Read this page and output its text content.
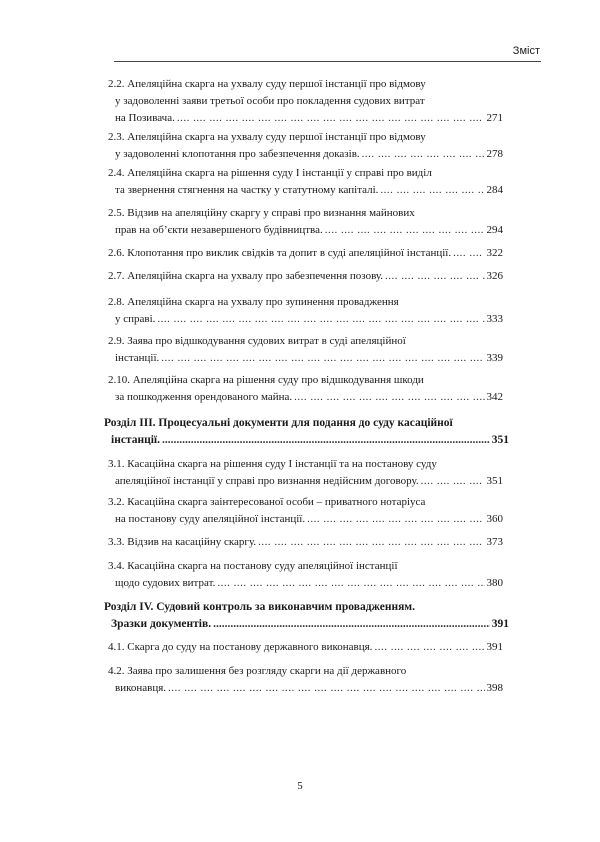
Зміст
2.2. Апеляційна скарга на ухвалу суду першої інстанції про відмову
у задоволенні заяви третьої особи про покладення судових витрат
на Позивача. ....	271
2.3. Апеляційна скарга на ухвалу суду першої інстанції про відмову
у задоволенні клопотання про забезпечення доказів. ....	278
2.4. Апеляційна скарга на рішення суду I інстанції у справі про виділ
та звернення стягнення на частку у статутному капіталі. ....	284
2.5. Відзив на апеляційну скаргу у справі про визнання майнових
прав на об’єкти незавершеного будівництва. ....	294
2.6. Клопотання про виклик свідків та допит в суді апеляційної інстанції. ....	322
2.7. Апеляційна скарга на ухвалу про забезпечення позову. ....	326
2.8. Апеляційна скарга на ухвалу про зупинення провадження
у справі. ....	333
2.9. Заява про відшкодування судових витрат в суді апеляційної
інстанції. ....	339
2.10. Апеляційна скарга на рішення суду про відшкодування шкоди
за пошкодження орендованого майна. ....	342
Розділ ІІІ. Процесуальні документи для подання до суду касаційної
інстанції. .....	351
3.1. Касаційна скарга на рішення суду I інстанції та на постанову суду
апеляційної інстанції у справі про визнання недійсним договору. ....	351
3.2. Касаційна скарга заінтересованої особи – приватного нотаріуса
на постанову суду апеляційної інстанції. ....	360
3.3. Відзив на касаційну скаргу. ....	373
3.4. Касаційна скарга на постанову суду апеляційної інстанції
щодо судових витрат. ....	380
Розділ IV. Судовий контроль за виконавчим провадженням.
Зразки документів. .....	391
4.1. Скарга до суду на постанову державного виконавця. ....	391
4.2. Заява про залишення без розгляду скарги на дії державного
виконавця. ....	398
5
